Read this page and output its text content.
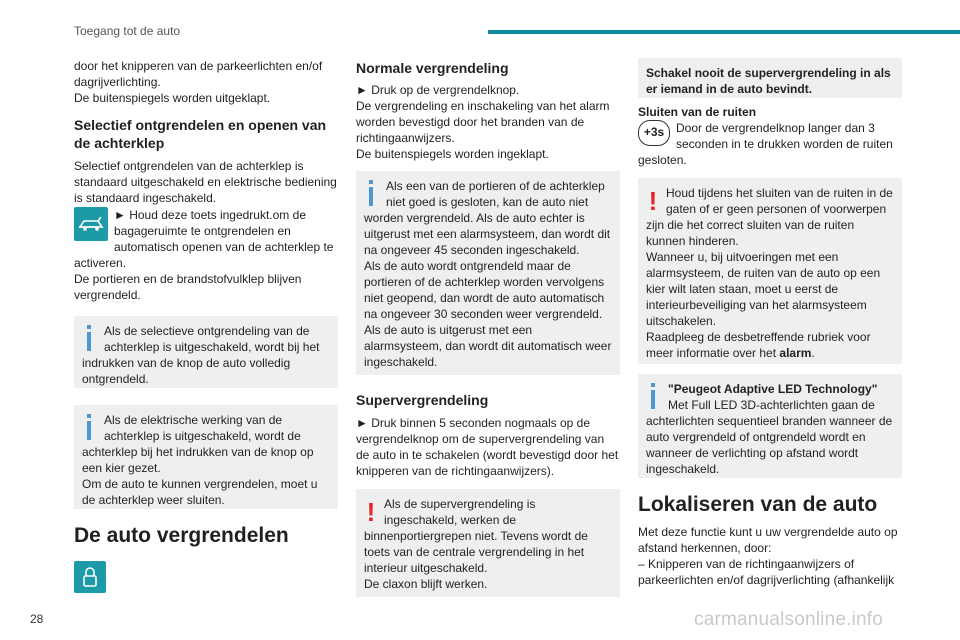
Toegang tot de auto

door het knipperen van de parkeerlichten en/of dagrijverlichting.
De buitenspiegels worden uitgeklapt.

Selectief ontgrendelen en openen van de achterklep

Selectief ontgrendelen van de achterklep is standaard uitgeschakeld en elektrische bediening is standaard ingeschakeld.

► Houd deze toets ingedrukt.om de bagageruimte te ontgrendelen en automatisch openen van de achterklep te activeren.
De portieren en de brandstofvulklep blijven vergrendeld.

Als de selectieve ontgrendeling van de achterklep is uitgeschakeld, wordt bij het indrukken van de knop de auto volledig ontgrendeld.
Als de elektrische werking van de achterklep is uitgeschakeld, wordt de achterklep bij het indrukken van de knop op een kier gezet.
Om de auto te kunnen vergrendelen, moet u de achterklep weer sluiten.
De auto vergrendelen
Normale vergrendeling

► Druk op de vergrendelknop.
De vergrendeling en inschakeling van het alarm worden bevestigd door het branden van de richtingaanwijzers.
De buitenspiegels worden ingeklapt.

Als een van de portieren of de achterklep niet goed is gesloten, kan de auto niet worden vergrendeld. Als de auto echter is uitgerust met een alarmsysteem, dan wordt dit na ongeveer 45 seconden ingeschakeld.
Als de auto wordt ontgrendeld maar de portieren of de achterklep worden vervolgens niet geopend, dan wordt de auto automatisch na ongeveer 30 seconden weer vergrendeld. Als de auto is uitgerust met een alarmsysteem, dan wordt dit automatisch weer ingeschakeld.
Supervergrendeling

► Druk binnen 5 seconden nogmaals op de vergrendelknop om de supervergrendeling van de auto in te schakelen (wordt bevestigd door het knipperen van de richtingaanwijzers).

! Als de supervergrendeling is ingeschakeld, werken de binnenportiergrepen niet. Tevens wordt de toets van de centrale vergrendeling in het interieur uitgeschakeld.
De claxon blijft werken.
Schakel nooit de supervergrendeling in als er iemand in de auto bevindt.

Sluiten van de ruiten

+3s Door de vergrendelknop langer dan 3 seconden in te drukken worden de ruiten gesloten.

! Houd tijdens het sluiten van de ruiten in de gaten of er geen personen of voorwerpen zijn die het correct sluiten van de ruiten kunnen hinderen.
Wanneer u, bij uitvoeringen met een alarmsysteem, de ruiten van de auto op een kier wilt laten staan, moet u eerst de interieurbeveiliging van het alarmsysteem uitschakelen.
Raadpleeg de desbetreffende rubriek voor meer informatie over het alarm.
"Peugeot Adaptive LED Technology"
Met Full LED 3D-achterlichten gaan de achterlichten sequentieel branden wanneer de auto vergrendeld of ontgrendeld wordt en wanneer de verlichting op afstand wordt ingeschakeld.
Lokaliseren van de auto

Met deze functie kunt u uw vergrendelde auto op afstand herkennen, door:
– Knipperen van de richtingaanwijzers of parkeerlichten en/of dagrijverlichting (afhankelijk

28	carmanualsonline.info
